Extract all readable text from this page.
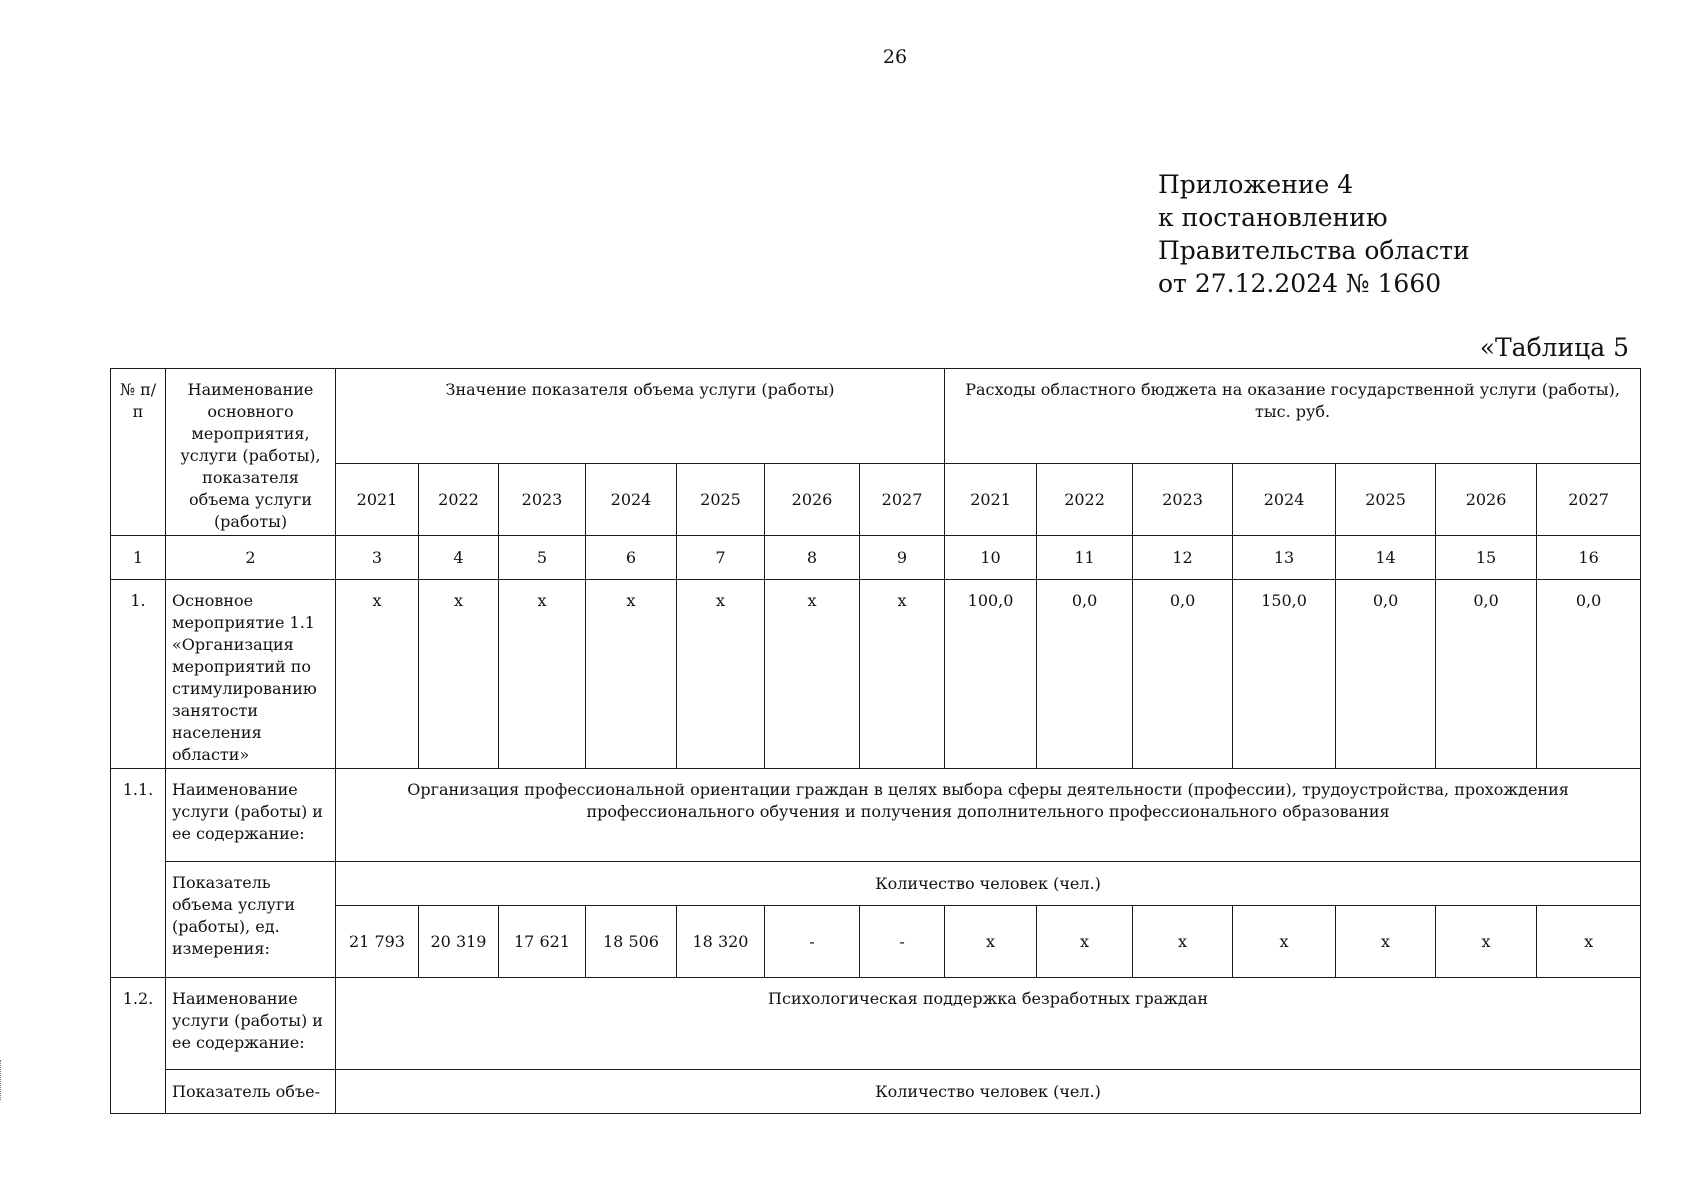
26
Приложение 4
к постановлению
Правительства области
от 27.12.2024 № 1660
«Таблица 5
№ п/п	Наименование основного мероприятия, услуги (работы), показателя объема услуги (работы)	Значение показателя объема услуги (работы)							Расходы областного бюджета на оказание государственной услуги (работы), тыс. руб.						
		2021	2022	2023	2024	2025	2026	2027	2021	2022	2023	2024	2025	2026	2027
1	2	3	4	5	6	7	8	9	10	11	12	13	14	15	16
1.	Основное мероприятие 1.1 «Организация мероприятий по стимулированию занятости населения области»	х	х	х	х	х	х	х	100,0	0,0	0,0	150,0	0,0	0,0	0,0
1.1.	Наименование услуги (работы) и ее содержание:	Организация профессиональной ориентации граждан в целях выбора сферы деятельности (профессии), трудоустройства, прохождения профессионального обучения и получения дополнительного профессионального образования													
	Показатель объема услуги (работы), ед. измерения:	Количество человек (чел.)													
		21 793	20 319	17 621	18 506	18 320	-	-	х	х	х	х	х	х	х
1.2.	Наименование услуги (работы) и ее содержание:	Психологическая поддержка безработных граждан													
	Показатель объе-	Количество человек (чел.)													
